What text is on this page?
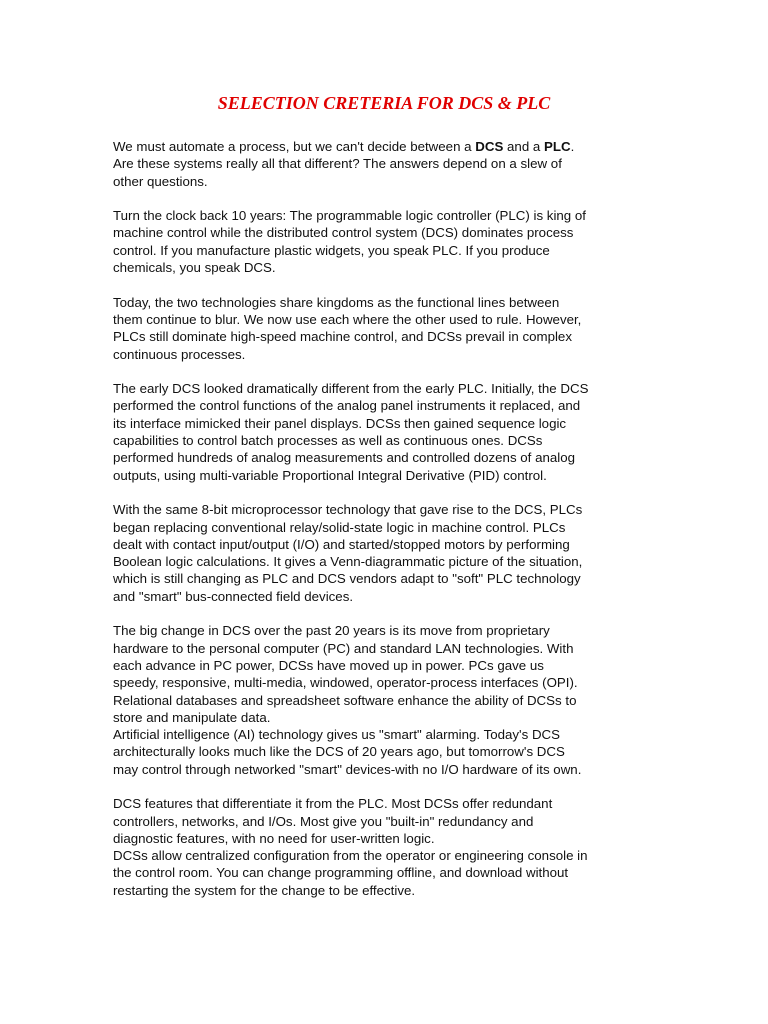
SELECTION CRETERIA FOR DCS & PLC

We must automate a process, but we can't decide between a DCS and a PLC.
Are these systems really all that different? The answers depend on a slew of
other questions.

Turn the clock back 10 years: The programmable logic controller (PLC) is king of
machine control while the distributed control system (DCS) dominates process
control. If you manufacture plastic widgets, you speak PLC. If you produce
chemicals, you speak DCS.

Today, the two technologies share kingdoms as the functional lines between
them continue to blur. We now use each where the other used to rule. However,
PLCs still dominate high-speed machine control, and DCSs prevail in complex
continuous processes.

The early DCS looked dramatically different from the early PLC. Initially, the DCS
performed the control functions of the analog panel instruments it replaced, and
its interface mimicked their panel displays. DCSs then gained sequence logic
capabilities to control batch processes as well as continuous ones. DCSs
performed hundreds of analog measurements and controlled dozens of analog
outputs, using multi-variable Proportional Integral Derivative (PID) control.

With the same 8-bit microprocessor technology that gave rise to the DCS, PLCs
began replacing conventional relay/solid-state logic in machine control. PLCs
dealt with contact input/output (I/O) and started/stopped motors by performing
Boolean logic calculations. It gives a Venn-diagrammatic picture of the situation,
which is still changing as PLC and DCS vendors adapt to "soft" PLC technology
and "smart" bus-connected field devices.

The big change in DCS over the past 20 years is its move from proprietary
hardware to the personal computer (PC) and standard LAN technologies. With
each advance in PC power, DCSs have moved up in power. PCs gave us
speedy, responsive, multi-media, windowed, operator-process interfaces (OPI).
Relational databases and spreadsheet software enhance the ability of DCSs to
store and manipulate data.

Artificial intelligence (AI) technology gives us "smart" alarming. Today's DCS
architecturally looks much like the DCS of 20 years ago, but tomorrow's DCS
may control through networked "smart" devices-with no I/O hardware of its own.

DCS features that differentiate it from the PLC. Most DCSs offer redundant
controllers, networks, and I/Os. Most give you "built-in" redundancy and
diagnostic features, with no need for user-written logic.

DCSs allow centralized configuration from the operator or engineering console in
the control room. You can change programming offline, and download without
restarting the system for the change to be effective.
